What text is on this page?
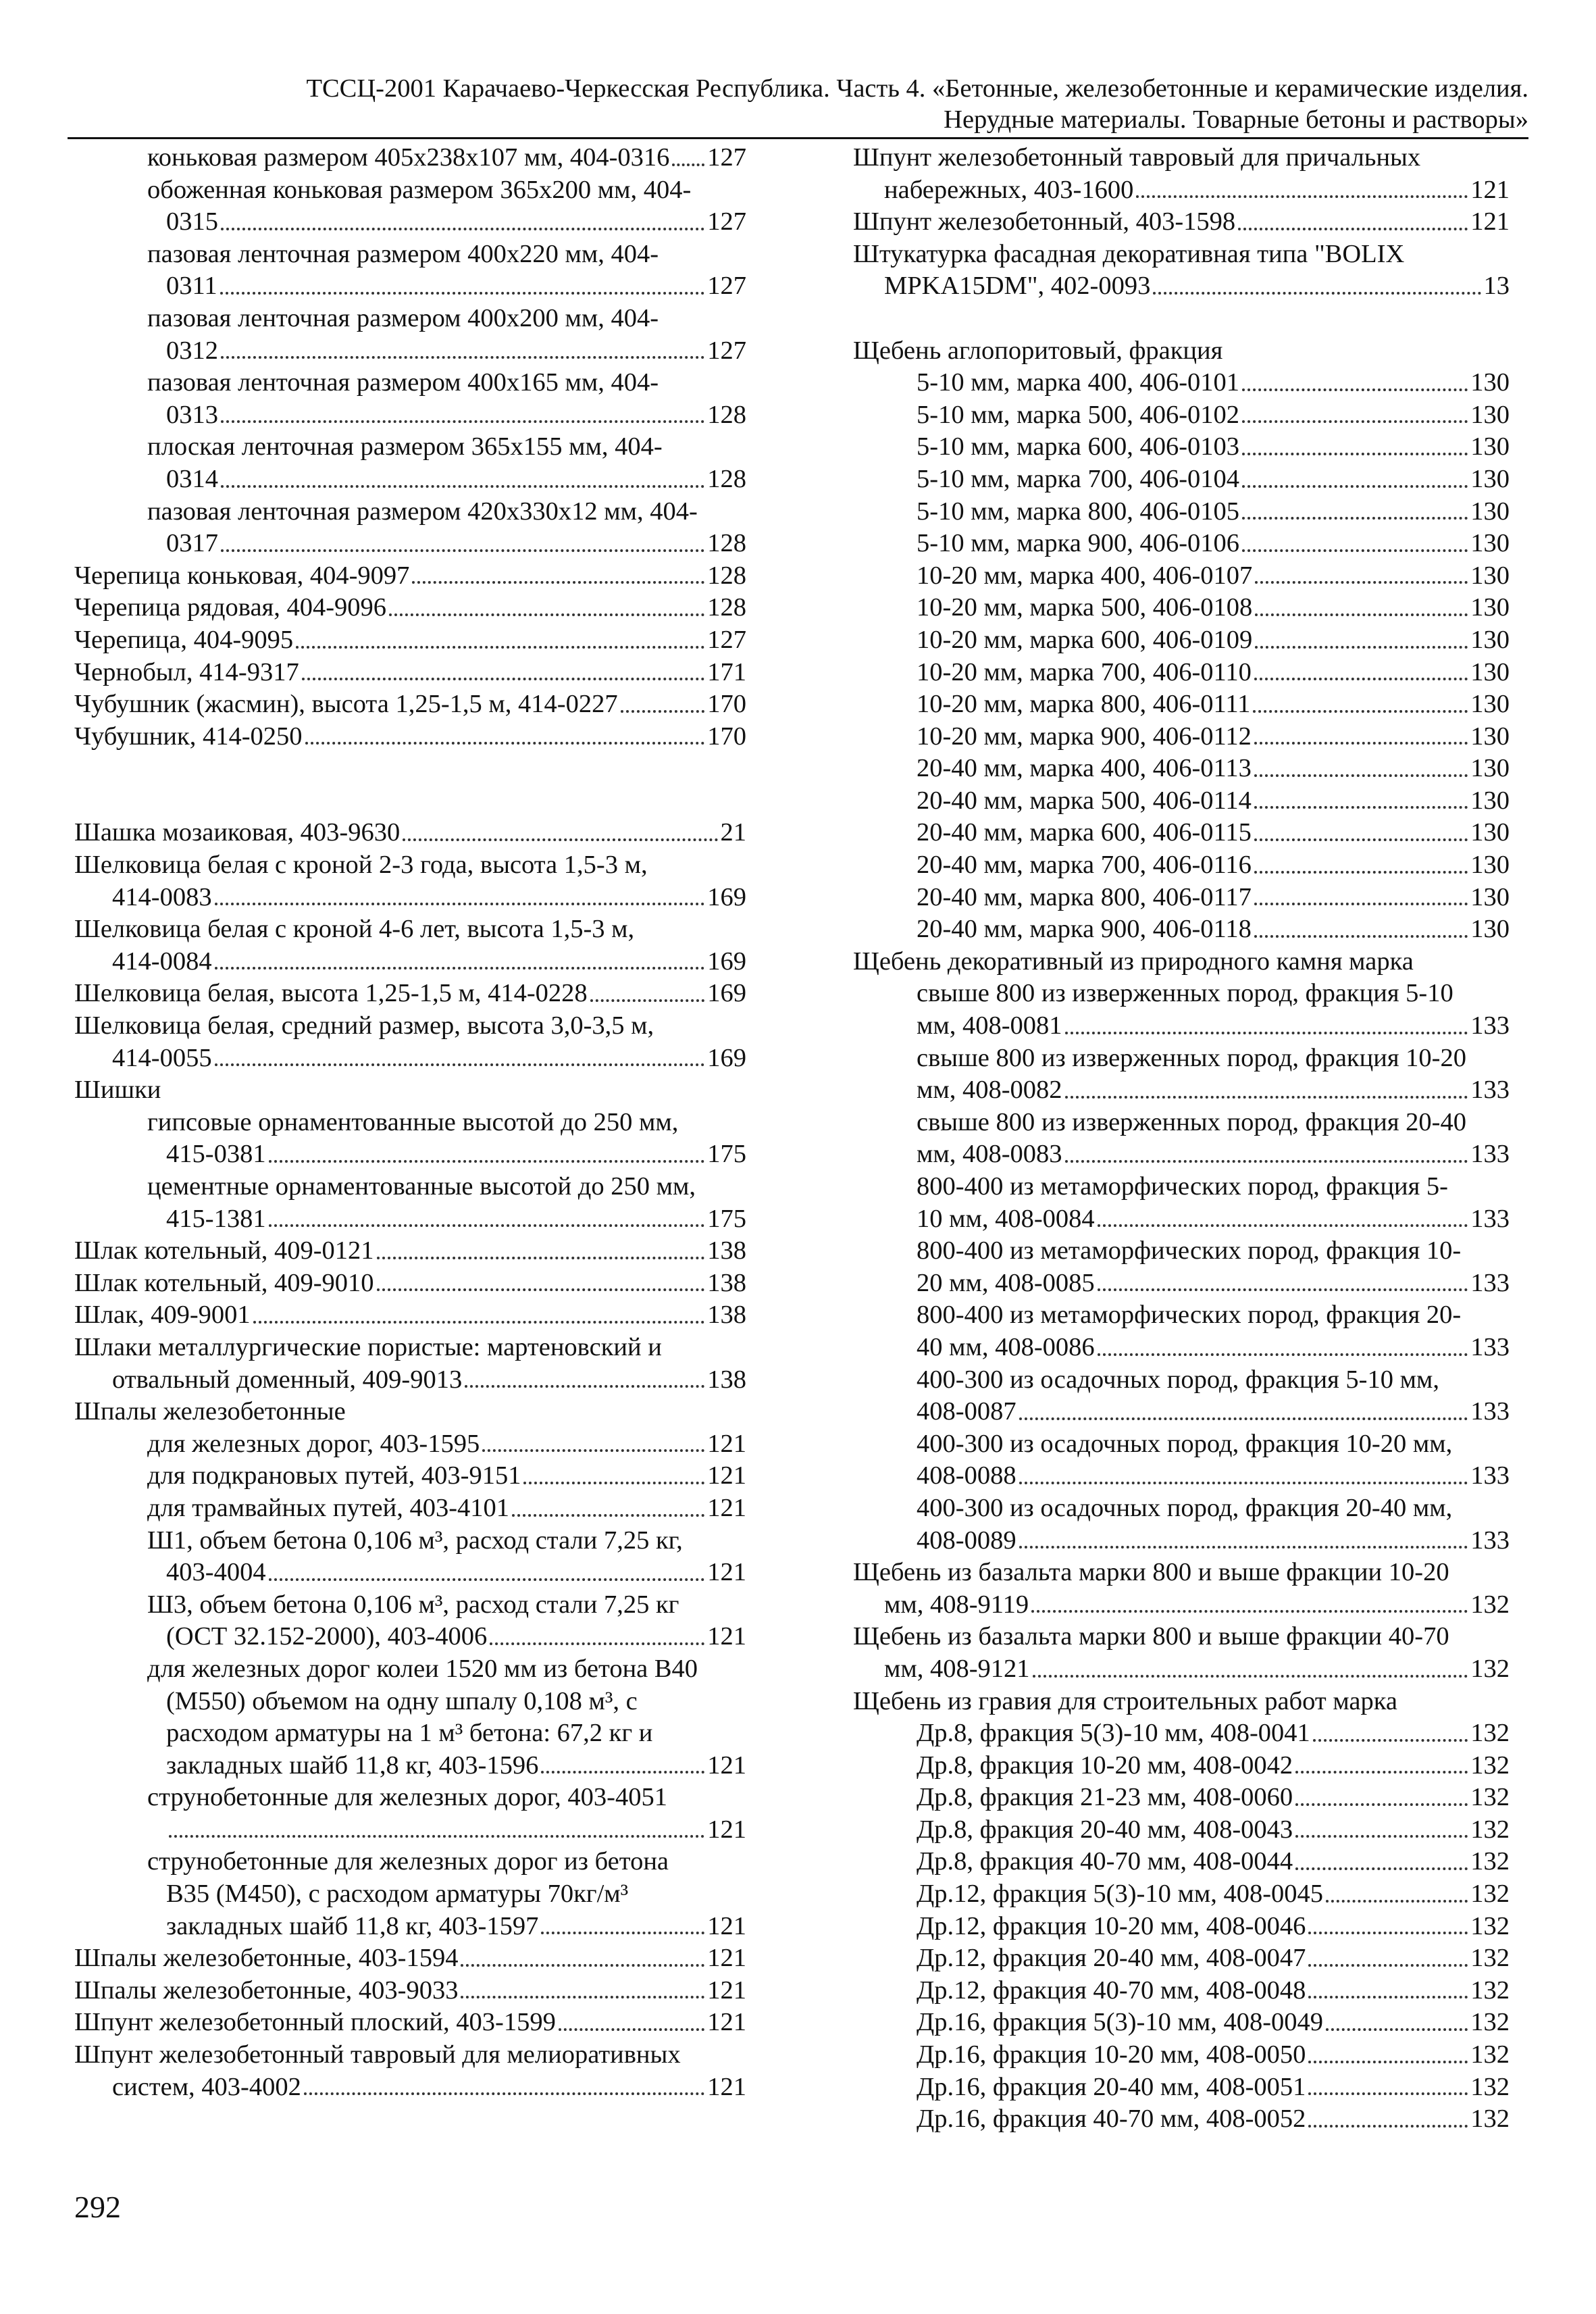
ТССЦ-2001 Карачаево-Черкесская Республика. Часть 4. «Бетонные, железобетонные и керамические изделия.
Нерудные материалы. Товарные бетоны и растворы»
коньковая размером 405x238x107 мм, 404-0316 127
обоженная коньковая размером 365x200 мм, 404-
0315	127
пазовая ленточная размером 400x220 мм, 404-
0311	127
пазовая ленточная размером 400x200 мм, 404-
0312	127
пазовая ленточная размером 400x165 мм, 404-
0313	128
плоская ленточная размером 365x155 мм, 404-
0314	128
пазовая ленточная размером 420x330x12 мм, 404-
0317	128
Черепица коньковая, 404-9097	128
Черепица рядовая, 404-9096	128
Черепица, 404-9095	127
Чернобыл, 414-9317	171
Чубушник (жасмин), высота 1,25-1,5 м, 414-0227	170
Чубушник, 414-0250	170
Шашка мозаиковая, 403-9630	21
Шелковица белая с кроной 2-3 года, высота 1,5-3 м,
414-0083	169
Шелковица белая с кроной 4-6 лет, высота 1,5-3 м,
414-0084	169
Шелковица белая, высота 1,25-1,5 м, 414-0228	169
Шелковица белая, средний размер, высота 3,0-3,5 м,
414-0055	169
Шишки
гипсовые орнаментованные высотой до 250 мм,
415-0381	175
цементные орнаментованные высотой до 250 мм,
415-1381	175
Шлак котельный, 409-0121	138
Шлак котельный, 409-9010	138
Шлак, 409-9001	138
Шлаки металлургические пористые: мартеновский и
отвальный доменный, 409-9013	138
Шпалы железобетонные
для железных дорог, 403-1595	121
для подкрановых путей, 403-9151	121
для трамвайных путей, 403-4101	121
Ш1, объем бетона 0,106 м³, расход стали 7,25 кг,
403-4004	121
Ш3, объем бетона 0,106 м³, расход стали 7,25 кг
(ОСТ 32.152-2000), 403-4006	121
для железных дорог колеи 1520 мм из бетона В40
(М550) объемом на одну шпалу 0,108 м³, с
расходом арматуры на 1 м³ бетона: 67,2 кг и
закладных шайб 11,8 кг, 403-1596	121
струнобетонные для железных дорог, 403-4051
121
струнобетонные для железных дорог из бетона
В35 (М450), с расходом арматуры 70кг/м³
закладных шайб 11,8 кг, 403-1597	121
Шпалы железобетонные, 403-1594	121
Шпалы железобетонные, 403-9033	121
Шпунт железобетонный плоский, 403-1599	121
Шпунт железобетонный тавровый для мелиоративных
систем, 403-4002	121
Шпунт железобетонный тавровый для причальных
набережных, 403-1600	121
Шпунт железобетонный, 403-1598	121
Штукатурка фасадная декоративная типа "BOLIX
MPKA15DM", 402-0093	13
Щебень аглопоритовый, фракция
5-10 мм, марка 400, 406-0101	130
5-10 мм, марка 500, 406-0102	130
5-10 мм, марка 600, 406-0103	130
5-10 мм, марка 700, 406-0104	130
5-10 мм, марка 800, 406-0105	130
5-10 мм, марка 900, 406-0106	130
10-20 мм, марка 400, 406-0107	130
10-20 мм, марка 500, 406-0108	130
10-20 мм, марка 600, 406-0109	130
10-20 мм, марка 700, 406-0110	130
10-20 мм, марка 800, 406-0111	130
10-20 мм, марка 900, 406-0112	130
20-40 мм, марка 400, 406-0113	130
20-40 мм, марка 500, 406-0114	130
20-40 мм, марка 600, 406-0115	130
20-40 мм, марка 700, 406-0116	130
20-40 мм, марка 800, 406-0117	130
20-40 мм, марка 900, 406-0118	130
Щебень декоративный из природного камня марка
свыше 800 из изверженных пород, фракция 5-10
мм, 408-0081	133
свыше 800 из изверженных пород, фракция 10-20
мм, 408-0082	133
свыше 800 из изверженных пород, фракция 20-40
мм, 408-0083	133
800-400 из метаморфических пород, фракция 5-
10 мм, 408-0084	133
800-400 из метаморфических пород, фракция 10-
20 мм, 408-0085	133
800-400 из метаморфических пород, фракция 20-
40 мм, 408-0086	133
400-300 из осадочных пород, фракция 5-10 мм,
408-0087	133
400-300 из осадочных пород, фракция 10-20 мм,
408-0088	133
400-300 из осадочных пород, фракция 20-40 мм,
408-0089	133
Щебень из базальта марки 800 и выше фракции 10-20
мм, 408-9119	132
Щебень из базальта марки 800 и выше фракции 40-70
мм, 408-9121	132
Щебень из гравия для строительных работ марка
Др.8, фракция 5(3)-10 мм, 408-0041	132
Др.8, фракция 10-20 мм, 408-0042	132
Др.8, фракция 21-23 мм, 408-0060	132
Др.8, фракция 20-40 мм, 408-0043	132
Др.8, фракция 40-70 мм, 408-0044	132
Др.12, фракция 5(3)-10 мм, 408-0045	132
Др.12, фракция 10-20 мм, 408-0046	132
Др.12, фракция 20-40 мм, 408-0047	132
Др.12, фракция 40-70 мм, 408-0048	132
Др.16, фракция 5(3)-10 мм, 408-0049	132
Др.16, фракция 10-20 мм, 408-0050	132
Др.16, фракция 20-40 мм, 408-0051	132
Др.16, фракция 40-70 мм, 408-0052	132
292
